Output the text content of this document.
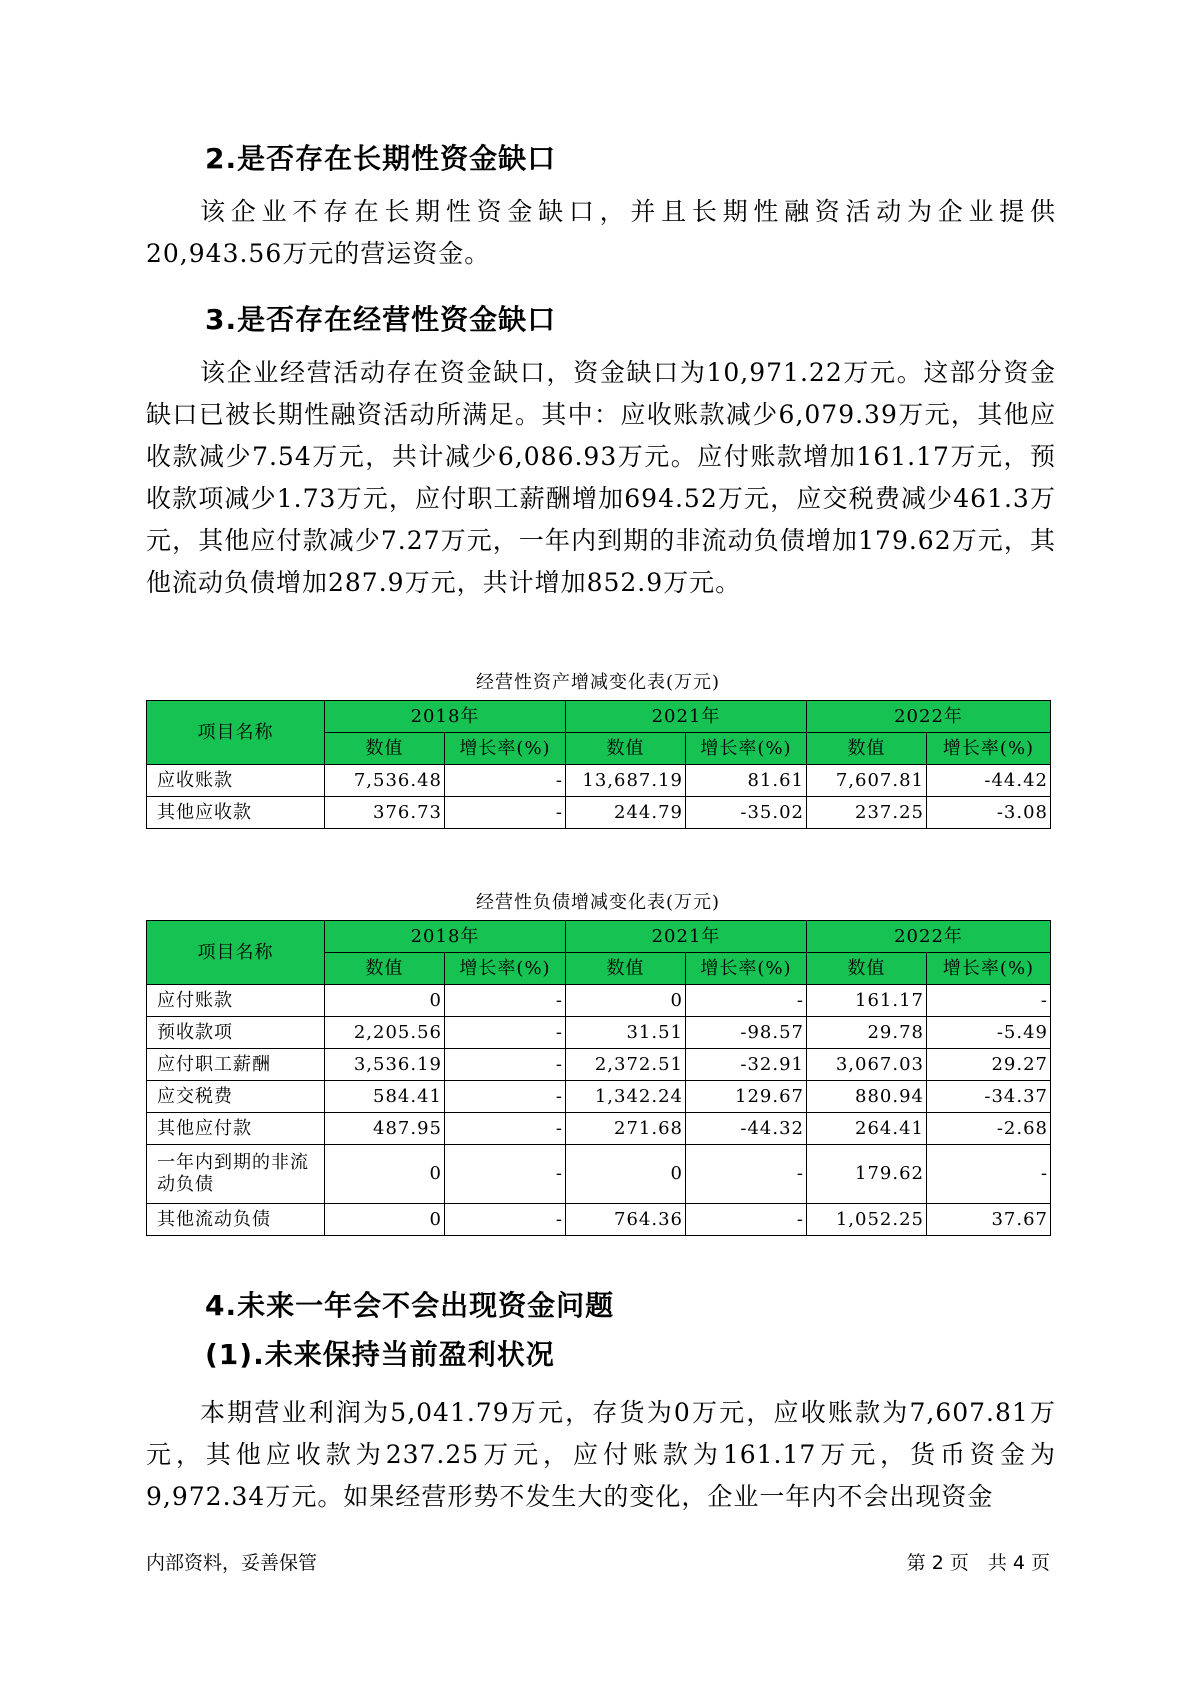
2.是否存在长期性资金缺口

该企业不存在长期性资金缺口，并且长期性融资活动为企业提供20,943.56万元的营运资金。

3.是否存在经营性资金缺口

该企业经营活动存在资金缺口，资金缺口为10,971.22万元。这部分资金缺口已被长期性融资活动所满足。其中：应收账款减少6,079.39万元，其他应收款减少7.54万元，共计减少6,086.93万元。应付账款增加161.17万元，预收款项减少1.73万元，应付职工薪酬增加694.52万元，应交税费减少461.3万元，其他应付款减少7.27万元，一年内到期的非流动负债增加179.62万元，其他流动负债增加287.9万元，共计增加852.9万元。

经营性资产增减变化表(万元)
项目名称	2018年		2021年		2022年	
	数值	增长率(%)	数值	增长率(%)	数值	增长率(%)
应收账款	7,536.48	-	13,687.19	81.61	7,607.81	-44.42
其他应收款	376.73	-	244.79	-35.02	237.25	-3.08
经营性负债增减变化表(万元)
项目名称	2018年		2021年		2022年	
	数值	增长率(%)	数值	增长率(%)	数值	增长率(%)
应付账款	0	-	0	-	161.17	-
预收款项	2,205.56	-	31.51	-98.57	29.78	-5.49
应付职工薪酬	3,536.19	-	2,372.51	-32.91	3,067.03	29.27
应交税费	584.41	-	1,342.24	129.67	880.94	-34.37
其他应付款	487.95	-	271.68	-44.32	264.41	-2.68
一年内到期的非流动负债	0	-	0	-	179.62	-
其他流动负债	0	-	764.36	-	1,052.25	37.67
4.未来一年会不会出现资金问题
(1).未来保持当前盈利状况

本期营业利润为5,041.79万元，存货为0万元，应收账款为7,607.81万元，其他应收款为237.25万元，应付账款为161.17万元，货币资金为9,972.34万元。如果经营形势不发生大的变化，企业一年内不会出现资金

内部资料，妥善保管	第 2 页　共 4 页
